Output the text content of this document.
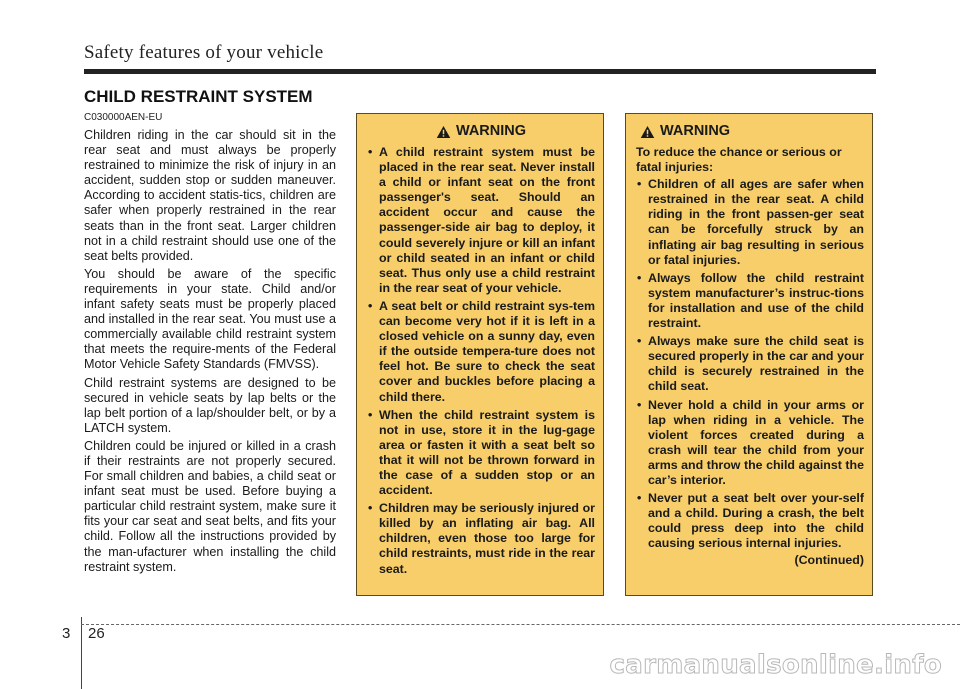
Safety features of your vehicle
CHILD RESTRAINT SYSTEM

C030000AEN-EU

Children riding in the car should sit in the rear seat and must always be properly restrained to minimize the risk of injury in an accident, sudden stop or sudden maneuver. According to accident statis-tics, children are safer when properly restrained in the rear seats than in the front seat. Larger children not in a child restraint should use one of the seat belts provided.

You should be aware of the specific requirements in your state. Child and/or infant safety seats must be properly placed and installed in the rear seat. You must use a commercially available child restraint system that meets the require-ments of the Federal Motor Vehicle Safety Standards (FMVSS).

Child restraint systems are designed to be secured in vehicle seats by lap belts or the lap belt portion of a lap/shoulder belt, or by a LATCH system.

Children could be injured or killed in a crash if their restraints are not properly secured. For small children and babies, a child seat or infant seat must be used. Before buying a particular child restraint system, make sure it fits your car seat and seat belts, and fits your child. Follow all the instructions provided by the man-ufacturer when installing the child restraint system.

WARNING
• A child restraint system must be placed in the rear seat. Never install a child or infant seat on the front passenger's seat. Should an accident occur and cause the passenger-side air bag to deploy, it could severely injure or kill an infant or child seated in an infant or child seat. Thus only use a child restraint in the rear seat of your vehicle.
• A seat belt or child restraint sys-tem can become very hot if it is left in a closed vehicle on a sunny day, even if the outside tempera-ture does not feel hot. Be sure to check the seat cover and buckles before placing a child there.
• When the child restraint system is not in use, store it in the lug-gage area or fasten it with a seat belt so that it will not be thrown forward in the case of a sudden stop or an accident.
• Children may be seriously injured or killed by an inflating air bag. All children, even those too large for child restraints, must ride in the rear seat.
WARNING

To reduce the chance or serious or fatal injuries:

• Children of all ages are safer when restrained in the rear seat. A child riding in the front passen-ger seat can be forcefully struck by an inflating air bag resulting in serious or fatal injuries.
• Always follow the child restraint system manufacturer’s instruc-tions for installation and use of the child restraint.
• Always make sure the child seat is secured properly in the car and your child is securely restrained in the child seat.
• Never hold a child in your arms or lap when riding in a vehicle. The violent forces created during a crash will tear the child from your arms and throw the child against the car’s interior.
• Never put a seat belt over your-self and a child. During a crash, the belt could press deep into the child causing serious internal injuries.
(Continued)
3 26
carmanualsonline.info
